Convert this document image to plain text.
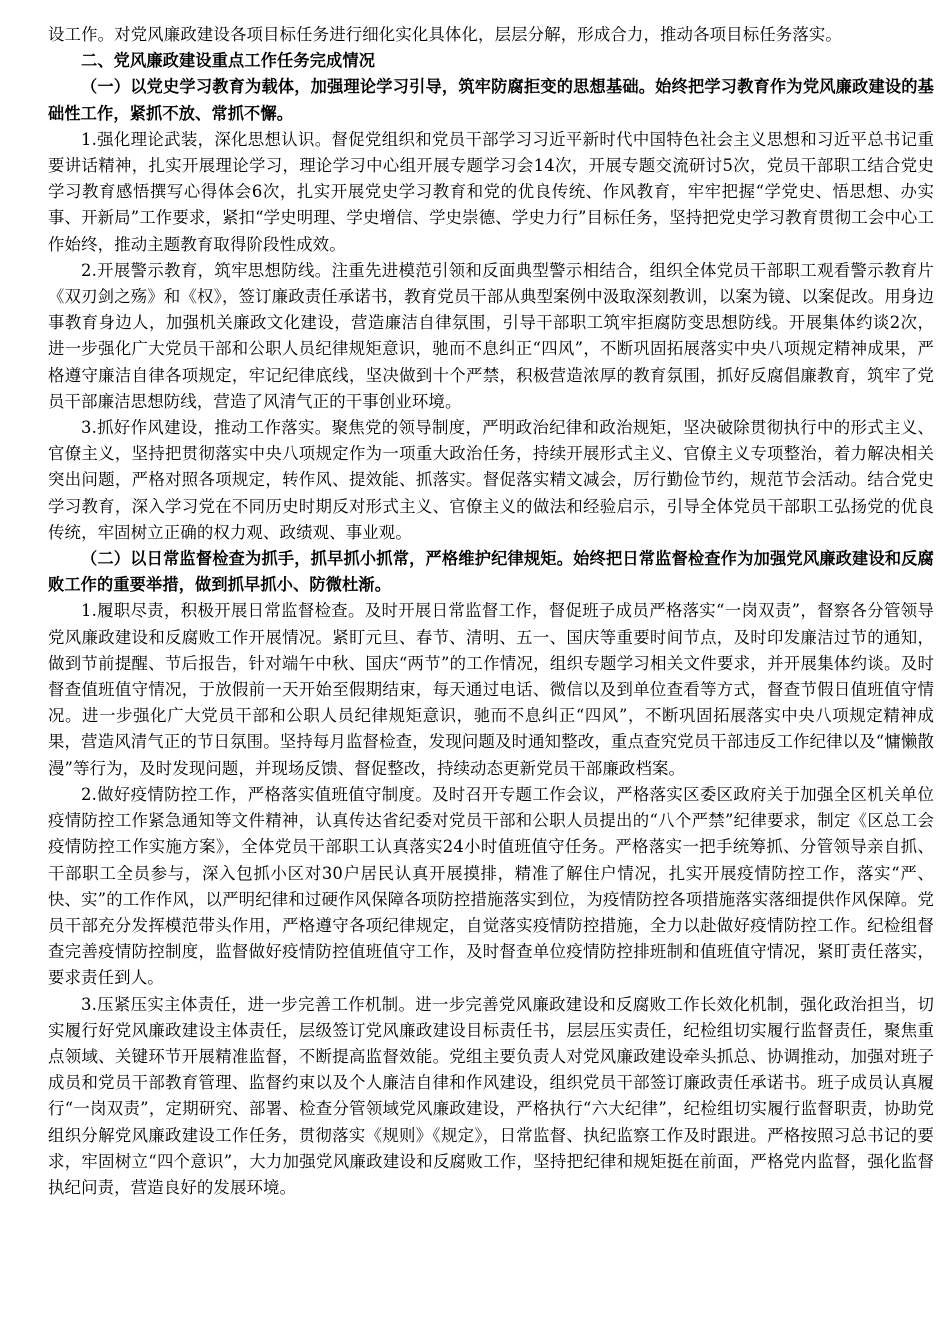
设工作。对党风廉政建设各项目标任务进行细化实化具体化，层层分解，形成合力，推动各项目标任务落实。

二、党风廉政建设重点工作任务完成情况

（一）以党史学习教育为载体，加强理论学习引导，筑牢防腐拒变的思想基础。始终把学习教育作为党风廉政建设的基础性工作，紧抓不放、常抓不懈。

1.强化理论武装，深化思想认识。督促党组织和党员干部学习习近平新时代中国特色社会主义思想和习近平总书记重要讲话精神，扎实开展理论学习，理论学习中心组开展专题学习会14次，开展专题交流研讨5次，党员干部职工结合党史学习教育感悟撰写心得体会6次，扎实开展党史学习教育和党的优良传统、作风教育，牢牢把握“学党史、悟思想、办实事、开新局”工作要求，紧扣“学史明理、学史增信、学史崇德、学史力行”目标任务，坚持把党史学习教育贯彻工会中心工作始终，推动主题教育取得阶段性成效。

2.开展警示教育，筑牢思想防线。注重先进模范引领和反面典型警示相结合，组织全体党员干部职工观看警示教育片《双刃剑之殇》和《权》，签订廉政责任承诺书，教育党员干部从典型案例中汲取深刻教训，以案为镜、以案促改。用身边事教育身边人，加强机关廉政文化建设，营造廉洁自律氛围，引导干部职工筑牢拒腐防变思想防线。开展集体约谈2次，进一步强化广大党员干部和公职人员纪律规矩意识，驰而不息纠正“四风”，不断巩固拓展落实中央八项规定精神成果，严格遵守廉洁自律各项规定，牢记纪律底线，坚决做到十个严禁，积极营造浓厚的教育氛围，抓好反腐倡廉教育，筑牢了党员干部廉洁思想防线，营造了风清气正的干事创业环境。

3.抓好作风建设，推动工作落实。聚焦党的领导制度，严明政治纪律和政治规矩，坚决破除贯彻执行中的形式主义、官僚主义，坚持把贯彻落实中央八项规定作为一项重大政治任务，持续开展形式主义、官僚主义专项整治，着力解决相关突出问题，严格对照各项规定，转作风、提效能、抓落实。督促落实精文减会，厉行勤俭节约，规范节会活动。结合党史学习教育，深入学习党在不同历史时期反对形式主义、官僚主义的做法和经验启示，引导全体党员干部职工弘扬党的优良传统，牢固树立正确的权力观、政绩观、事业观。

（二）以日常监督检查为抓手，抓早抓小抓常，严格维护纪律规矩。始终把日常监督检查作为加强党风廉政建设和反腐败工作的重要举措，做到抓早抓小、防微杜渐。

1.履职尽责，积极开展日常监督检查。及时开展日常监督工作，督促班子成员严格落实“一岗双责”，督察各分管领导党风廉政建设和反腐败工作开展情况。紧盯元旦、春节、清明、五一、国庆等重要时间节点，及时印发廉洁过节的通知，做到节前提醒、节后报告，针对端午中秋、国庆“两节”的工作情况，组织专题学习相关文件要求，并开展集体约谈。及时督查值班值守情况，于放假前一天开始至假期结束，每天通过电话、微信以及到单位查看等方式，督查节假日值班值守情况。进一步强化广大党员干部和公职人员纪律规矩意识，驰而不息纠正“四风”，不断巩固拓展落实中央八项规定精神成果，营造风清气正的节日氛围。坚持每月监督检查，发现问题及时通知整改，重点查究党员干部违反工作纪律以及“慵懒散漫”等行为，及时发现问题，并现场反馈、督促整改，持续动态更新党员干部廉政档案。

2.做好疫情防控工作，严格落实值班值守制度。及时召开专题工作会议，严格落实区委区政府关于加强全区机关单位疫情防控工作紧急通知等文件精神，认真传达省纪委对党员干部和公职人员提出的“八个严禁”纪律要求，制定《区总工会疫情防控工作实施方案》，全体党员干部职工认真落实24小时值班值守任务。严格落实一把手统筹抓、分管领导亲自抓、干部职工全员参与，深入包抓小区对30户居民认真开展摸排，精准了解住户情况，扎实开展疫情防控工作，落实“严、快、实”的工作作风，以严明纪律和过硬作风保障各项防控措施落实到位，为疫情防控各项措施落实落细提供作风保障。党员干部充分发挥模范带头作用，严格遵守各项纪律规定，自觉落实疫情防控措施，全力以赴做好疫情防控工作。纪检组督查完善疫情防控制度，监督做好疫情防控值班值守工作，及时督查单位疫情防控排班制和值班值守情况，紧盯责任落实，要求责任到人。

3.压紧压实主体责任，进一步完善工作机制。进一步完善党风廉政建设和反腐败工作长效化机制，强化政治担当，切实履行好党风廉政建设主体责任，层级签订党风廉政建设目标责任书，层层压实责任，纪检组切实履行监督责任，聚焦重点领域、关键环节开展精准监督，不断提高监督效能。党组主要负责人对党风廉政建设牵头抓总、协调推动，加强对班子成员和党员干部教育管理、监督约束以及个人廉洁自律和作风建设，组织党员干部签订廉政责任承诺书。班子成员认真履行“一岗双责”，定期研究、部署、检查分管领域党风廉政建设，严格执行“六大纪律”，纪检组切实履行监督职责，协助党组织分解党风廉政建设工作任务，贯彻落实《规则》《规定》，日常监督、执纪监察工作及时跟进。严格按照习总书记的要求，牢固树立“四个意识”，大力加强党风廉政建设和反腐败工作，坚持把纪律和规矩挺在前面，严格党内监督，强化监督执纪问责，营造良好的发展环境。
